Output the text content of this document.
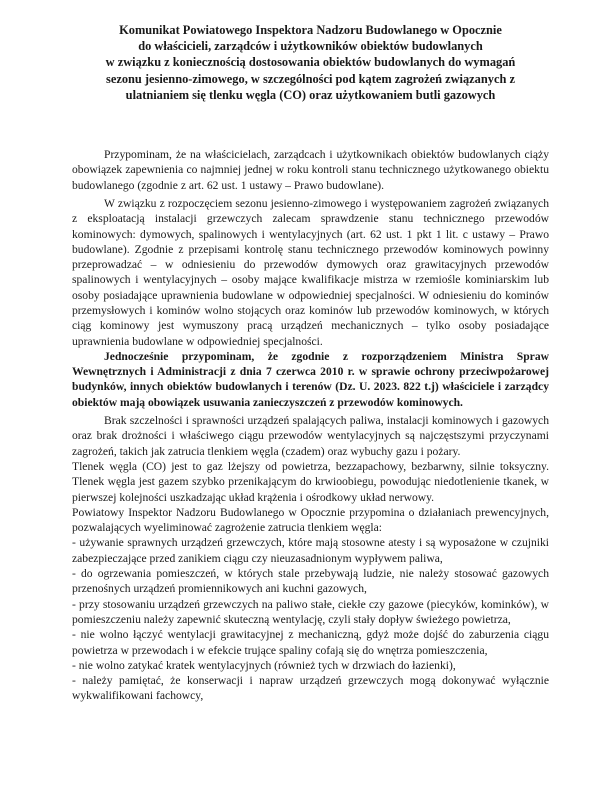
Komunikat Powiatowego Inspektora Nadzoru Budowlanego w Opocznie
do właścicieli, zarządców i użytkowników obiektów budowlanych
w związku z koniecznością dostosowania obiektów budowlanych do wymagań
sezonu jesienno-zimowego, w szczególności pod kątem zagrożeń związanych z
ulatnianiem się tlenku węgla (CO) oraz użytkowaniem butli gazowych

Przypominam, że na właścicielach, zarządcach i użytkownikach obiektów budowlanych ciąży obowiązek zapewnienia co najmniej jednej w roku kontroli stanu technicznego użytkowanego obiektu budowlanego (zgodnie z art. 62 ust. 1 ustawy – Prawo budowlane).

W związku z rozpoczęciem sezonu jesienno-zimowego i występowaniem zagrożeń związanych z eksploatacją instalacji grzewczych zalecam sprawdzenie stanu technicznego przewodów kominowych: dymowych, spalinowych i wentylacyjnych (art. 62 ust. 1 pkt 1 lit. c ustawy – Prawo budowlane). Zgodnie z przepisami kontrolę stanu technicznego przewodów kominowych powinny przeprowadzać – w odniesieniu do przewodów dymowych oraz grawitacyjnych przewodów spalinowych i wentylacyjnych – osoby mające kwalifikacje mistrza w rzemiośle kominiarskim lub osoby posiadające uprawnienia budowlane w odpowiedniej specjalności. W odniesieniu do kominów przemysłowych i kominów wolno stojących oraz kominów lub przewodów kominowych, w których ciąg kominowy jest wymuszony pracą urządzeń mechanicznych – tylko osoby posiadające uprawnienia budowlane w odpowiedniej specjalności.

Jednocześnie przypominam, że zgodnie z rozporządzeniem Ministra Spraw Wewnętrznych i Administracji z dnia 7 czerwca 2010 r. w sprawie ochrony przeciwpożarowej budynków, innych obiektów budowlanych i terenów (Dz. U. 2023. 822 t.j) właściciele i zarządcy obiektów mają obowiązek usuwania zanieczyszczeń z przewodów kominowych.

Brak szczelności i sprawności urządzeń spalających paliwa, instalacji kominowych i gazowych oraz brak drożności i właściwego ciągu przewodów wentylacyjnych są najczęstszymi przyczynami zagrożeń, takich jak zatrucia tlenkiem węgla (czadem) oraz wybuchy gazu i pożary.

Tlenek węgla (CO) jest to gaz lżejszy od powietrza, bezzapachowy, bezbarwny, silnie toksyczny. Tlenek węgla jest gazem szybko przenikającym do krwioobiegu, powodując niedotlenienie tkanek, w pierwszej kolejności uszkadzając układ krążenia i ośrodkowy układ nerwowy.

Powiatowy Inspektor Nadzoru Budowlanego w Opocznie przypomina o działaniach prewencyjnych, pozwalających wyeliminować zagrożenie zatrucia tlenkiem węgla:

- używanie sprawnych urządzeń grzewczych, które mają stosowne atesty i są wyposażone w czujniki zabezpieczające przed zanikiem ciągu czy nieuzasadnionym wypływem paliwa,

- do ogrzewania pomieszczeń, w których stale przebywają ludzie, nie należy stosować gazowych przenośnych urządzeń promiennikowych ani kuchni gazowych,

- przy stosowaniu urządzeń grzewczych na paliwo stałe, ciekłe czy gazowe (piecyków, kominków), w pomieszczeniu należy zapewnić skuteczną wentylację, czyli stały dopływ świeżego powietrza,

- nie wolno łączyć wentylacji grawitacyjnej z mechaniczną, gdyż może dojść do zaburzenia ciągu powietrza w przewodach i w efekcie trujące spaliny cofają się do wnętrza pomieszczenia,

- nie wolno zatykać kratek wentylacyjnych (również tych w drzwiach do łazienki),

- należy pamiętać, że konserwacji i napraw urządzeń grzewczych mogą dokonywać wyłącznie wykwalifikowani fachowcy,
